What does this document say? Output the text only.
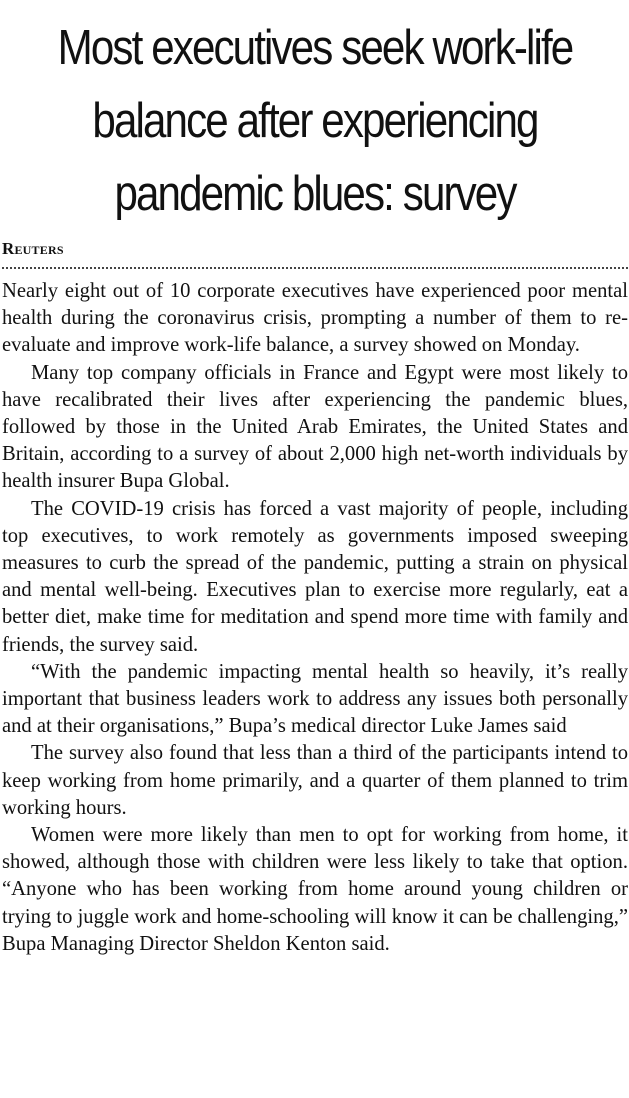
Most executives seek work-life
balance after experiencing
pandemic blues: survey
Reuters

Nearly eight out of 10 corporate executives have experienced poor mental health during the coronavirus crisis, prompting a number of them to re-evaluate and improve work-life balance, a survey showed on Monday.

Many top company officials in France and Egypt were most likely to have recalibrated their lives after experiencing the pandemic blues, followed by those in the United Arab Emirates, the United States and Britain, according to a survey of about 2,000 high net-worth individuals by health insurer Bupa Global.

The COVID-19 crisis has forced a vast majority of people, including top executives, to work remotely as governments imposed sweeping measures to curb the spread of the pandemic, putting a strain on physical and mental well-being. Executives plan to exercise more regularly, eat a better diet, make time for meditation and spend more time with family and friends, the survey said.

“With the pandemic impacting mental health so heavily, it’s really important that business leaders work to address any issues both personally and at their organisations,” Bupa’s medical director Luke James said

The survey also found that less than a third of the participants intend to keep working from home primarily, and a quarter of them planned to trim working hours.

Women were more likely than men to opt for working from home, it showed, although those with children were less likely to take that option. “Anyone who has been working from home around young children or trying to juggle work and home-schooling will know it can be challenging,” Bupa Managing Director Sheldon Kenton said.
